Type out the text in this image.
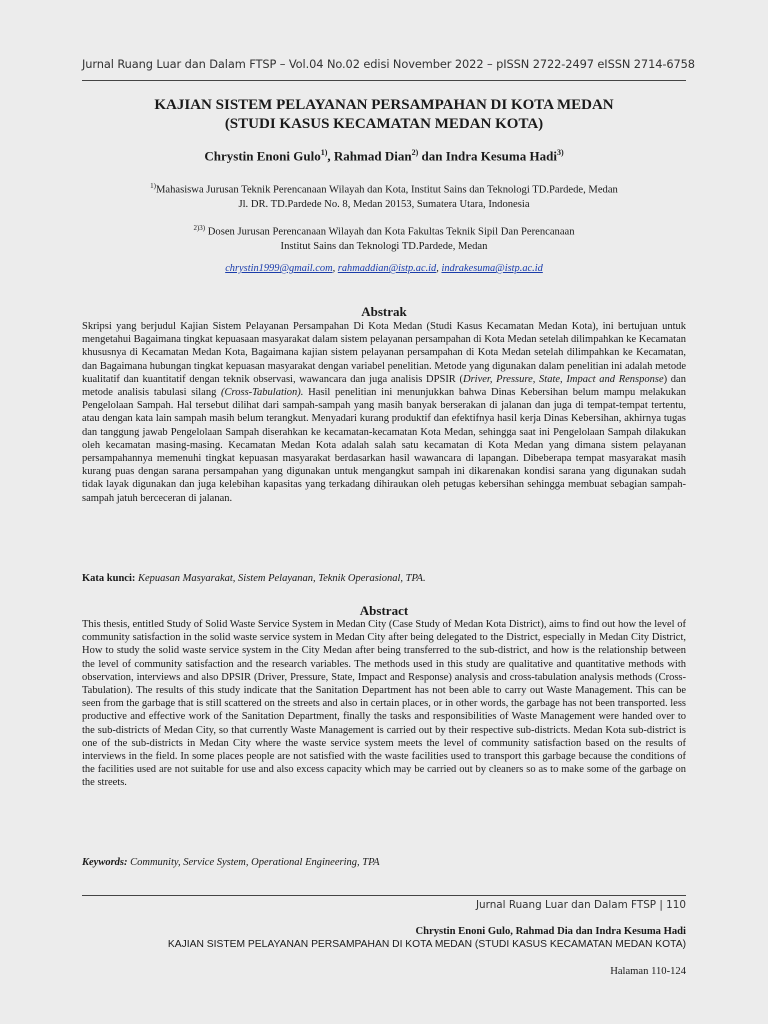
Jurnal Ruang Luar dan Dalam FTSP – Vol.04 No.02 edisi November 2022 – pISSN 2722-2497 eISSN 2714-6758
KAJIAN SISTEM PELAYANAN PERSAMPAHAN DI KOTA MEDAN
(STUDI KASUS KECAMATAN MEDAN KOTA)
Chrystin Enoni Gulo$^{1)}$, Rahmad Dian$^{2)}$ dan Indra Kesuma Hadi$^{3)}$
$^{1)}$Mahasiswa Jurusan Teknik Perencanaan Wilayah dan Kota, Institut Sains dan Teknologi TD.Pardede, Medan
Jl. DR. TD.Pardede No. 8, Medan 20153, Sumatera Utara, Indonesia
$^{2)3)}$ Dosen Jurusan Perencanaan Wilayah dan Kota Fakultas Teknik Sipil Dan Perencanaan
Institut Sains dan Teknologi TD.Pardede, Medan
chrystin1999@gmail.com, rahmaddian@istp.ac.id, indrakesuma@istp.ac.id
Abstrak
Skripsi yang berjudul Kajian Sistem Pelayanan Persampahan Di Kota Medan (Studi Kasus Kecamatan Medan Kota), ini bertujuan untuk mengetahui Bagaimana tingkat kepuasaan masyarakat dalam sistem pelayanan persampahan di Kota Medan setelah dilimpahkan ke Kecamatan khususnya di Kecamatan Medan Kota, Bagaimana kajian sistem pelayanan persampahan di Kota Medan setelah dilimpahkan ke Kecamatan, dan Bagaimana hubungan tingkat kepuasan masyarakat dengan variabel penelitian. Metode yang digunakan dalam penelitian ini adalah metode kualitatif dan kuantitatif dengan teknik observasi, wawancara dan juga analisis DPSIR (Driver, Pressure, State, Impact and Rensponse) dan metode analisis tabulasi silang (Cross-Tabulation). Hasil penelitian ini menunjukkan bahwa Dinas Kebersihan belum mampu melakukan Pengelolaan Sampah. Hal tersebut dilihat dari sampah-sampah yang masih banyak berserakan di jalanan dan juga di tempat-tempat tertentu, atau dengan kata lain sampah masih belum terangkut. Menyadari kurang produktif dan efektifnya hasil kerja Dinas Kebersihan, akhirnya tugas dan tanggung jawab Pengelolaan Sampah diserahkan ke kecamatan-kecamatan Kota Medan, sehingga saat ini Pengelolaan Sampah dilakukan oleh kecamatan masing-masing. Kecamatan Medan Kota adalah salah satu kecamatan di Kota Medan yang dimana sistem pelayanan persampahannya memenuhi tingkat kepuasan masyarakat berdasarkan hasil wawancara di lapangan. Dibeberapa tempat masyarakat masih kurang puas dengan sarana persampahan yang digunakan untuk mengangkut sampah ini dikarenakan kondisi sarana yang digunakan sudah tidak layak digunakan dan juga kelebihan kapasitas yang terkadang dihiraukan oleh petugas kebersihan sehingga membuat sebagian sampah-sampah jatuh berceceran di jalanan.
Kata kunci: Kepuasan Masyarakat, Sistem Pelayanan, Teknik Operasional, TPA.
Abstract
This thesis, entitled Study of Solid Waste Service System in Medan City (Case Study of Medan Kota District), aims to find out how the level of community satisfaction in the solid waste service system in Medan City after being delegated to the District, especially in Medan City District, How to study the solid waste service system in the City Medan after being transferred to the sub-district, and how is the relationship between the level of community satisfaction and the research variables. The methods used in this study are qualitative and quantitative methods with observation, interviews and also DPSIR (Driver, Pressure, State, Impact and Response) analysis and cross-tabulation analysis methods (Cross-Tabulation). The results of this study indicate that the Sanitation Department has not been able to carry out Waste Management. This can be seen from the garbage that is still scattered on the streets and also in certain places, or in other words, the garbage has not been transported. less productive and effective work of the Sanitation Department, finally the tasks and responsibilities of Waste Management were handed over to the sub-districts of Medan City, so that currently Waste Management is carried out by their respective sub-districts. Medan Kota sub-district is one of the sub-districts in Medan City where the waste service system meets the level of community satisfaction based on the results of interviews in the field. In some places people are not satisfied with the waste facilities used to transport this garbage because the conditions of the facilities used are not suitable for use and also excess capacity which may be carried out by cleaners so as to make some of the garbage on the streets.
Keywords: Community, Service System, Operational Engineering, TPA
Jurnal Ruang Luar dan Dalam FTSP | 110
Chrystin Enoni Gulo, Rahmad Dia dan Indra Kesuma Hadi
KAJIAN SISTEM PELAYANAN PERSAMPAHAN DI KOTA MEDAN (STUDI KASUS KECAMATAN MEDAN KOTA)
Halaman 110-124
